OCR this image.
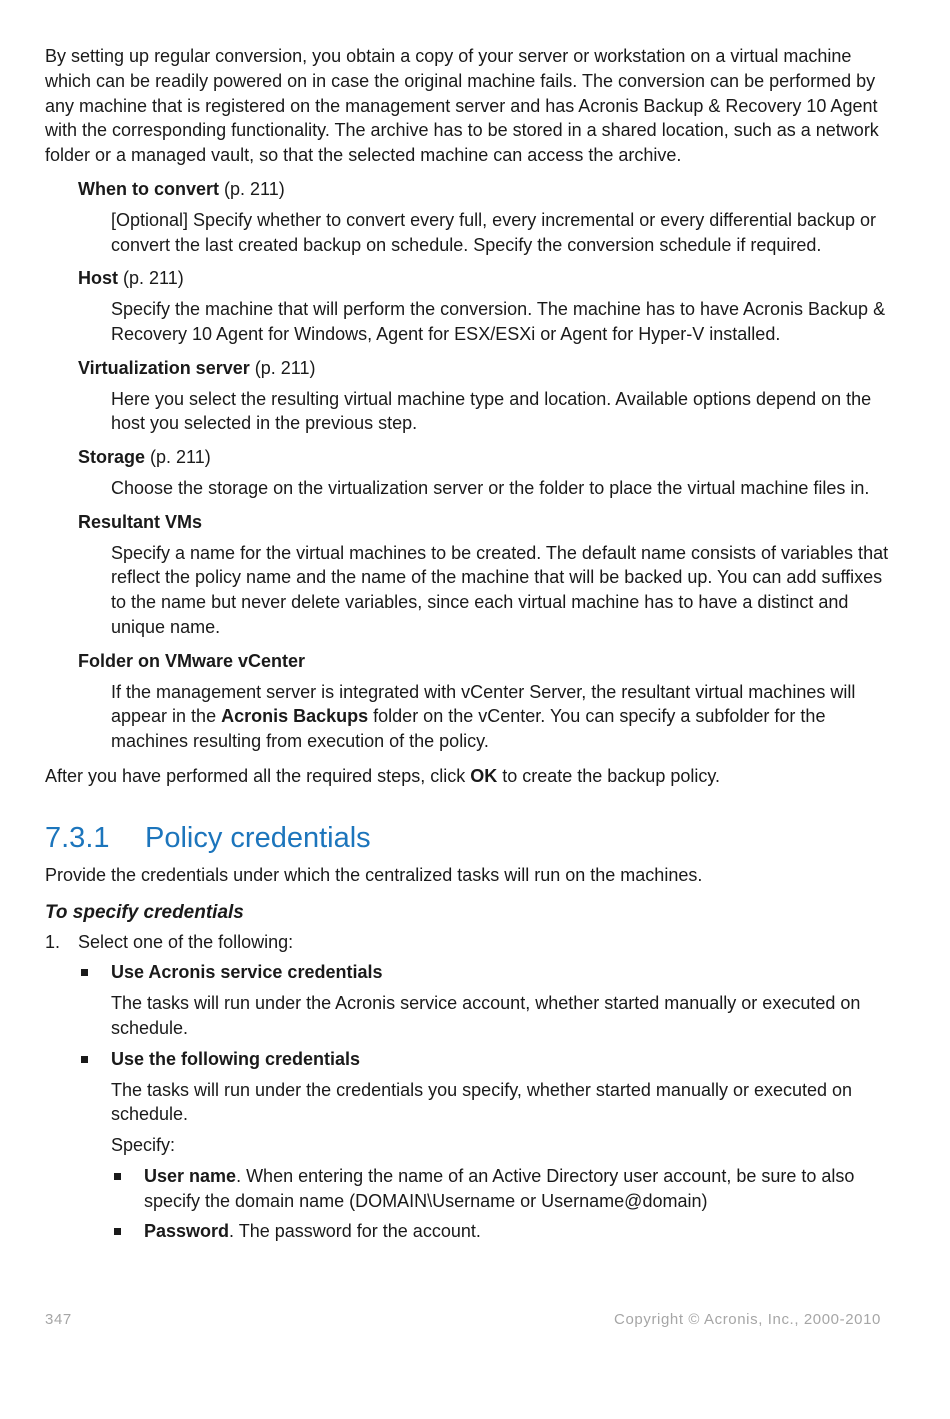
By setting up regular conversion, you obtain a copy of your server or workstation on a virtual machine which can be readily powered on in case the original machine fails. The conversion can be performed by any machine that is registered on the management server and has Acronis Backup & Recovery 10 Agent with the corresponding functionality. The archive has to be stored in a shared location, such as a network folder or a managed vault, so that the selected machine can access the archive.

When to convert (p. 211)

[Optional] Specify whether to convert every full, every incremental or every differential backup or convert the last created backup on schedule. Specify the conversion schedule if required.

Host (p. 211)

Specify the machine that will perform the conversion. The machine has to have Acronis Backup & Recovery 10 Agent for Windows, Agent for ESX/ESXi or Agent for Hyper-V installed.

Virtualization server (p. 211)

Here you select the resulting virtual machine type and location. Available options depend on the host you selected in the previous step.

Storage (p. 211)

Choose the storage on the virtualization server or the folder to place the virtual machine files in.

Resultant VMs

Specify a name for the virtual machines to be created. The default name consists of variables that reflect the policy name and the name of the machine that will be backed up. You can add suffixes to the name but never delete variables, since each virtual machine has to have a distinct and unique name.

Folder on VMware vCenter

If the management server is integrated with vCenter Server, the resultant virtual machines will appear in the Acronis Backups folder on the vCenter. You can specify a subfolder for the machines resulting from execution of the policy.

After you have performed all the required steps, click OK to create the backup policy.

7.3.1 Policy credentials

Provide the credentials under which the centralized tasks will run on the machines.

To specify credentials

1. Select one of the following:
Use Acronis service credentials

The tasks will run under the Acronis service account, whether started manually or executed on schedule.

Use the following credentials

The tasks will run under the credentials you specify, whether started manually or executed on schedule.

Specify:

User name. When entering the name of an Active Directory user account, be sure to also specify the domain name (DOMAIN\Username or Username@domain)
Password. The password for the account.
347	Copyright © Acronis, Inc., 2000-2010
